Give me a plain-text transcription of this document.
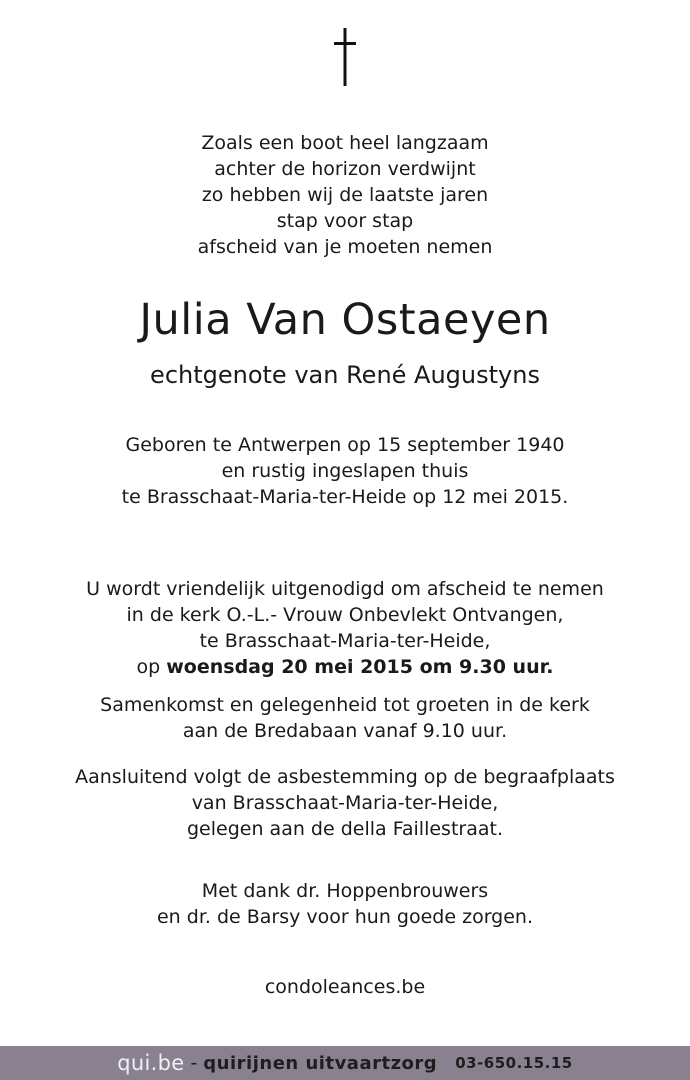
Zoals een boot heel langzaam
achter de horizon verdwijnt
zo hebben wij de laatste jaren
stap voor stap
afscheid van je moeten nemen
Julia Van Ostaeyen
echtgenote van René Augustyns
Geboren te Antwerpen op 15 september 1940
en rustig ingeslapen thuis
te Brasschaat-Maria-ter-Heide op 12 mei 2015.
U wordt vriendelijk uitgenodigd om afscheid te nemen
in de kerk O.-L.- Vrouw Onbevlekt Ontvangen,
te Brasschaat-Maria-ter-Heide,
op woensdag 20 mei 2015 om 9.30 uur.
Samenkomst en gelegenheid tot groeten in de kerk
aan de Bredabaan vanaf 9.10 uur.
Aansluitend volgt de asbestemming op de begraafplaats
van Brasschaat-Maria-ter-Heide,
gelegen aan de della Faillestraat.
Met dank dr. Hoppenbrouwers
en dr. de Barsy voor hun goede zorgen.
condoleances.be
qui.be - quirijnen uitvaartzorg 03-650.15.15
